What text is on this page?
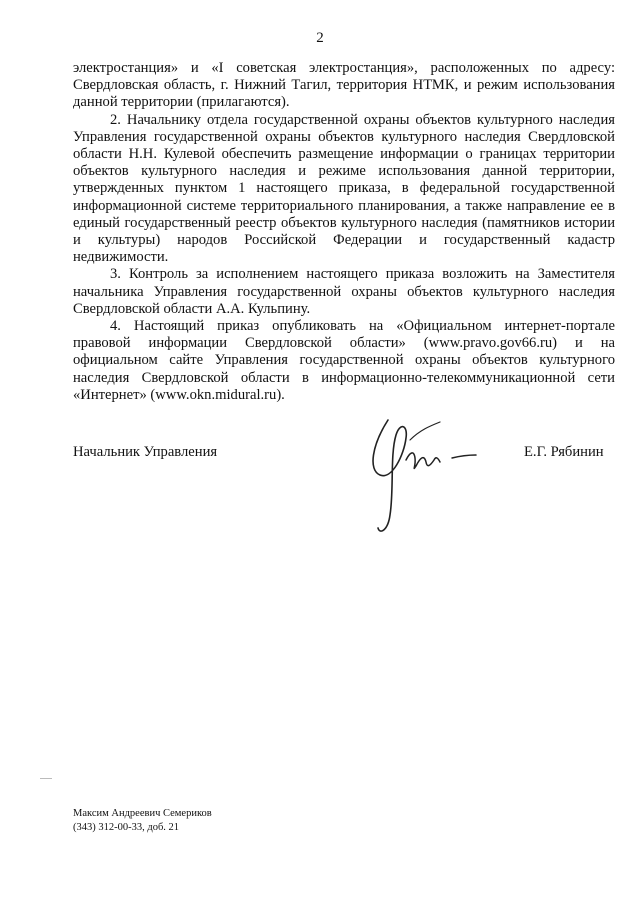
2

электростанция» и «I советская электростанция», расположенных по адресу: Свердловская область, г. Нижний Тагил, территория НТМК, и режим использования данной территории (прилагаются).

2. Начальнику отдела государственной охраны объектов культурного наследия Управления государственной охраны объектов культурного наследия Свердловской области Н.Н. Кулевой обеспечить размещение информации о границах территории объектов культурного наследия и режиме использования данной территории, утвержденных пунктом 1 настоящего приказа, в федеральной государственной информационной системе территориального планирования, а также направление ее в единый государственный реестр объектов культурного наследия (памятников истории и культуры) народов Российской Федерации и государственный кадастр недвижимости.

3. Контроль за исполнением настоящего приказа возложить на Заместителя начальника Управления государственной охраны объектов культурного наследия Свердловской области А.А. Кульпину.

4. Настоящий приказ опубликовать на «Официальном интернет-портале правовой информации Свердловской области» (www.pravo.gov66.ru) и на официальном сайте Управления государственной охраны объектов культурного наследия Свердловской области в информационно-телекоммуникационной сети «Интернет» (www.okn.midural.ru).

Начальник Управления	Е.Г. Рябинин
Максим Андреевич Семериков
(343) 312-00-33, доб. 21
